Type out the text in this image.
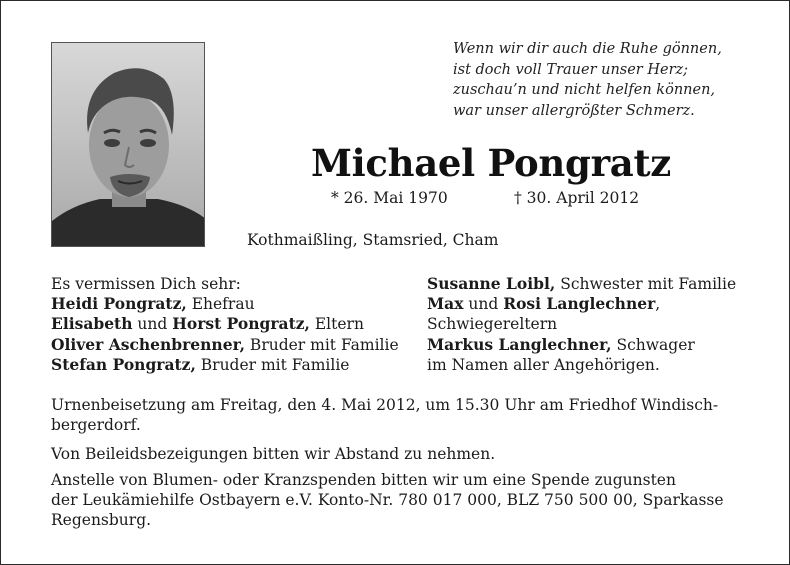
Wenn wir dir auch die Ruhe gönnen,
ist doch voll Trauer unser Herz;
zuschau’n und nicht helfen können,
war unser allergrößter Schmerz.
Michael Pongratz
* 26. Mai 1970	† 30. April 2012
Kothmaißling, Stamsried, Cham
Es vermissen Dich sehr:
Heidi Pongratz, Ehefrau
Elisabeth und Horst Pongratz, Eltern
Oliver Aschenbrenner, Bruder mit Familie
Stefan Pongratz, Bruder mit Familie
Susanne Loibl, Schwester mit Familie
Max und Rosi Langlechner,
Schwiegereltern
Markus Langlechner, Schwager
im Namen aller Angehörigen.
Urnenbeisetzung am Freitag, den 4. Mai 2012, um 15.30 Uhr am Friedhof Windisch-
bergerdorf.
Von Beileidsbezeigungen bitten wir Abstand zu nehmen.
Anstelle von Blumen- oder Kranzspenden bitten wir um eine Spende zugunsten
der Leukämiehilfe Ostbayern e.V. Konto-Nr. 780 017 000, BLZ 750 500 00, Sparkasse
Regensburg.
